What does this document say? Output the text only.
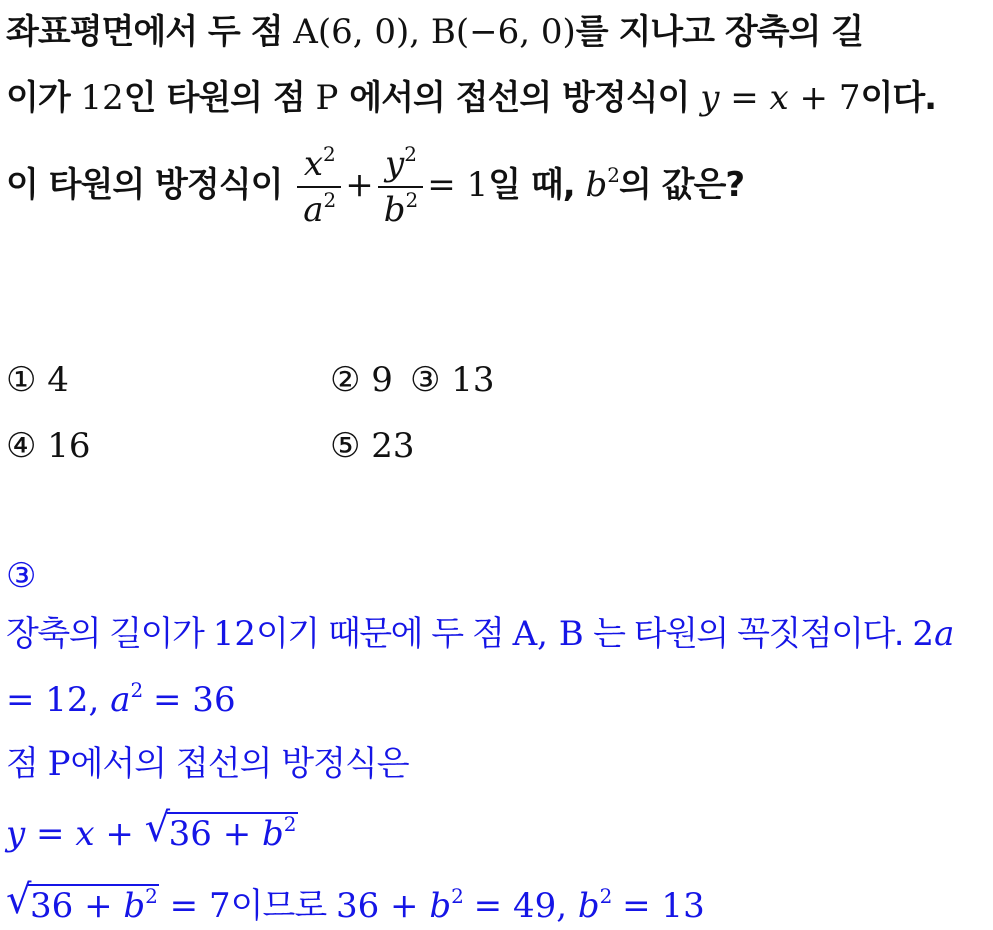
좌표평면에서 두 점 A(6, 0), B(−6, 0)를 지나고 장축의 길
이가 12인 타원의 점 P 에서의 접선의 방정식이 y = x + 7이다.
이 타원의 방정식이 $\frac{x^2}{a^2} + \frac{y^2}{b^2} = 1$일 때, $b^2$의 값은?
① 4	② 9 ③ 13
④ 16	⑤ 23
③
장축의 길이가 12이기 때문에 두 점 A, B 는 타원의 꼭짓점이다. 2a
= 12, $a^2 = 36$
점 P에서의 접선의 방정식은
y = x + √ $36 + b^2$
√ $36 + b^2 = 7$이므로 $36 + b^2 = 49$, $b^2 = 13$
